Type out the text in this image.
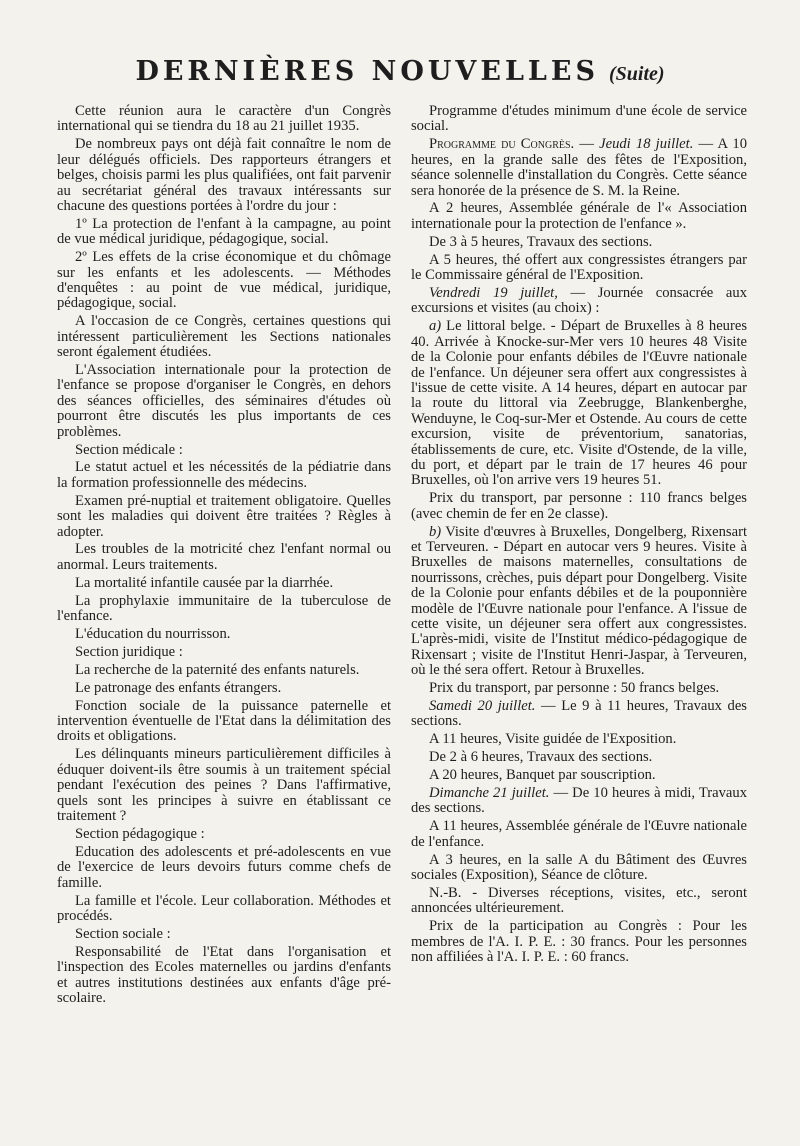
DERNIÈRES NOUVELLES (Suite)

Cette réunion aura le caractère d'un Congrès international qui se tiendra du 18 au 21 juillet 1935.

De nombreux pays ont déjà fait connaître le nom de leur délégués officiels. Des rapporteurs étrangers et belges, choisis parmi les plus qualifiées, ont fait parvenir au secrétariat général des travaux intéressants sur chacune des questions portées à l'ordre du jour :

1º La protection de l'enfant à la campagne, au point de vue médical juridique, pédagogique, social.

2º Les effets de la crise économique et du chômage sur les enfants et les adolescents. — Méthodes d'enquêtes : au point de vue médical, juridique, pédagogique, social.

A l'occasion de ce Congrès, certaines questions qui intéressent particulièrement les Sections nationales seront également étudiées.

L'Association internationale pour la protection de l'enfance se propose d'organiser le Congrès, en dehors des séances officielles, des séminaires d'études où pourront être discutés les plus importants de ces problèmes.

Section médicale :

Le statut actuel et les nécessités de la pédiatrie dans la formation professionnelle des médecins.

Examen pré-nuptial et traitement obligatoire. Quelles sont les maladies qui doivent être traitées ? Règles à adopter.

Les troubles de la motricité chez l'enfant normal ou anormal. Leurs traitements.

La mortalité infantile causée par la diarrhée.

La prophylaxie immunitaire de la tuberculose de l'enfance.

L'éducation du nourrisson.

Section juridique :

La recherche de la paternité des enfants naturels.

Le patronage des enfants étrangers.

Fonction sociale de la puissance paternelle et intervention éventuelle de l'Etat dans la délimitation des droits et obligations.

Les délinquants mineurs particulièrement difficiles à éduquer doivent-ils être soumis à un traitement spécial pendant l'exécution des peines ? Dans l'affirmative, quels sont les principes à suivre en établissant ce traitement ?

Section pédagogique :

Education des adolescents et pré-adolescents en vue de l'exercice de leurs devoirs futurs comme chefs de famille.

La famille et l'école. Leur collaboration. Méthodes et procédés.

Section sociale :

Responsabilité de l'Etat dans l'organisation et l'inspection des Ecoles maternelles ou jardins d'enfants et autres institutions destinées aux enfants d'âge pré-scolaire.

Programme d'études minimum d'une école de service social.

Programme du Congrès. — Jeudi 18 juillet. — A 10 heures, en la grande salle des fêtes de l'Exposition, séance solennelle d'installation du Congrès. Cette séance sera honorée de la présence de S. M. la Reine.

A 2 heures, Assemblée générale de l'« Association internationale pour la protection de l'enfance ».

De 3 à 5 heures, Travaux des sections.

A 5 heures, thé offert aux congressistes étrangers par le Commissaire général de l'Exposition.

Vendredi 19 juillet, — Journée consacrée aux excursions et visites (au choix) :

a) Le littoral belge. - Départ de Bruxelles à 8 heures 40. Arrivée à Knocke-sur-Mer vers 10 heures 48 Visite de la Colonie pour enfants débiles de l'Œuvre nationale de l'enfance. Un déjeuner sera offert aux congressistes à l'issue de cette visite. A 14 heures, départ en autocar par la route du littoral via Zeebrugge, Blankenberghe, Wenduyne, le Coq-sur-Mer et Ostende. Au cours de cette excursion, visite de préventorium, sanatorias, établissements de cure, etc. Visite d'Ostende, de la ville, du port, et départ par le train de 17 heures 46 pour Bruxelles, où l'on arrive vers 19 heures 51.

Prix du transport, par personne : 110 francs belges (avec chemin de fer en 2e classe).

b) Visite d'œuvres à Bruxelles, Dongelberg, Rixensart et Terveuren. - Départ en autocar vers 9 heures. Visite à Bruxelles de maisons maternelles, consultations de nourrissons, crèches, puis départ pour Dongelberg. Visite de la Colonie pour enfants débiles et de la pouponnière modèle de l'Œuvre nationale pour l'enfance. A l'issue de cette visite, un déjeuner sera offert aux congressistes. L'après-midi, visite de l'Institut médico-pédagogique de Rixensart ; visite de l'Institut Henri-Jaspar, à Terveuren, où le thé sera offert. Retour à Bruxelles.

Prix du transport, par personne : 50 francs belges.

Samedi 20 juillet. — Le 9 à 11 heures, Travaux des sections.

A 11 heures, Visite guidée de l'Exposition.

De 2 à 6 heures, Travaux des sections.

A 20 heures, Banquet par souscription.

Dimanche 21 juillet. — De 10 heures à midi, Travaux des sections.

A 11 heures, Assemblée générale de l'Œuvre nationale de l'enfance.

A 3 heures, en la salle A du Bâtiment des Œuvres sociales (Exposition), Séance de clôture.

N.-B. - Diverses réceptions, visites, etc., seront annoncées ultérieurement.

Prix de la participation au Congrès : Pour les membres de l'A. I. P. E. : 30 francs. Pour les personnes non affiliées à l'A. I. P. E. : 60 francs.
